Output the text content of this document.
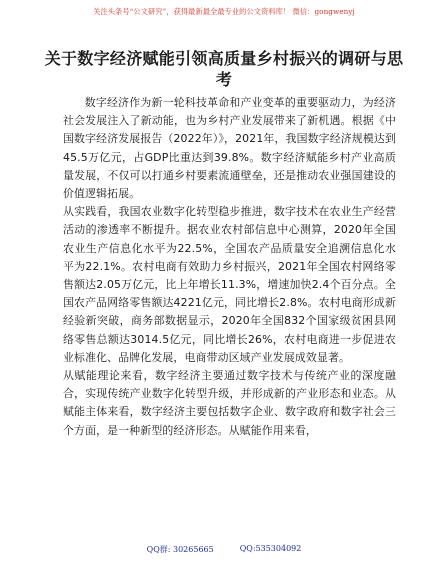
关注头条号“公文研究”，获得最新最全最专业的公文资料库！ 微信：gongwenyj
关于数字经济赋能引领高质量乡村振兴的调研与思考

数字经济作为新一轮科技革命和产业变革的重要驱动力，为经济社会发展注入了新动能，也为乡村产业发展带来了新机遇。根据《中国数字经济发展报告（2022年）》，2021年，我国数字经济规模达到45.5万亿元，占GDP比重达到39.8%。数字经济赋能乡村产业高质量发展，不仅可以打通乡村要素流通壁垒，还是推动农业强国建设的价值逻辑拓展。

从实践看，我国农业数字化转型稳步推进，数字技术在农业生产经营活动的渗透率不断提升。据农业农村部信息中心测算，2020年全国农业生产信息化水平为22.5%，全国农产品质量安全追溯信息化水平为22.1%。农村电商有效助力乡村振兴，2021年全国农村网络零售额达2.05万亿元，比上年增长11.3%，增速加快2.4个百分点。全国农产品网络零售额达4221亿元，同比增长2.8%。农村电商形成新经验新突破，商务部数据显示，2020年全国832个国家级贫困县网络零售总额达3014.5亿元，同比增长26%，农村电商进一步促进农业标准化、品牌化发展，电商带动区域产业发展成效显著。

从赋能理论来看，数字经济主要通过数字技术与传统产业的深度融合，实现传统产业数字化转型升级，并形成新的产业形态和业态。从赋能主体来看，数字经济主要包括数字企业、数字政府和数字社会三个方面，是一种新型的经济形态。从赋能作用来看，

QQ群: 30265665	QQ:535304092
